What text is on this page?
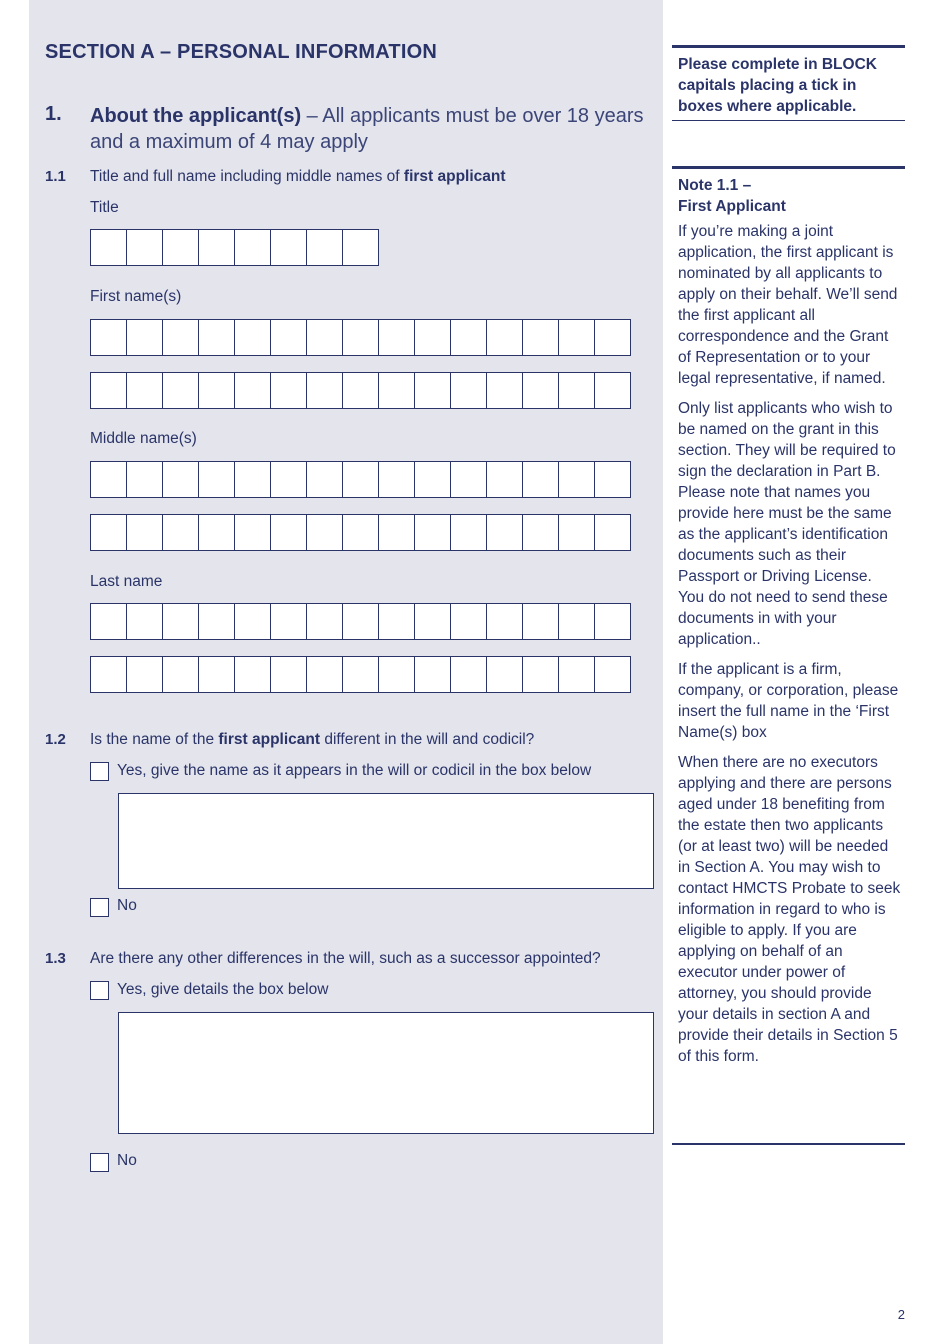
SECTION A – PERSONAL INFORMATION
1. About the applicant(s) – All applicants must be over 18 years and a maximum of 4 may apply
1.1 Title and full name including middle names of first applicant
Title
First name(s)
Middle name(s)
Last name
1.2 Is the name of the first applicant different in the will and codicil?
Yes, give the name as it appears in the will or codicil in the box below
No
1.3 Are there any other differences in the will, such as a successor appointed?
Yes, give details the box below
No
Please complete in BLOCK capitals placing a tick in boxes where applicable.
Note 1.1 –
First Applicant

If you’re making a joint application, the first applicant is nominated by all applicants to apply on their behalf. We’ll send the first applicant all correspondence and the Grant of Representation or to your legal representative, if named.

Only list applicants who wish to be named on the grant in this section. They will be required to sign the declaration in Part B. Please note that names you provide here must be the same as the applicant’s identification documents such as their Passport or Driving License. You do not need to send these documents in with your application..

If the applicant is a firm, company, or corporation, please insert the full name in the ‘First Name(s) box

When there are no executors applying and there are persons aged under 18 benefiting from the estate then two applicants (or at least two) will be needed in Section A. You may wish to contact HMCTS Probate to seek information in regard to who is eligible to apply. If you are applying on behalf of an executor under power of attorney, you should provide your details in section A and provide their details in Section 5 of this form.

2
